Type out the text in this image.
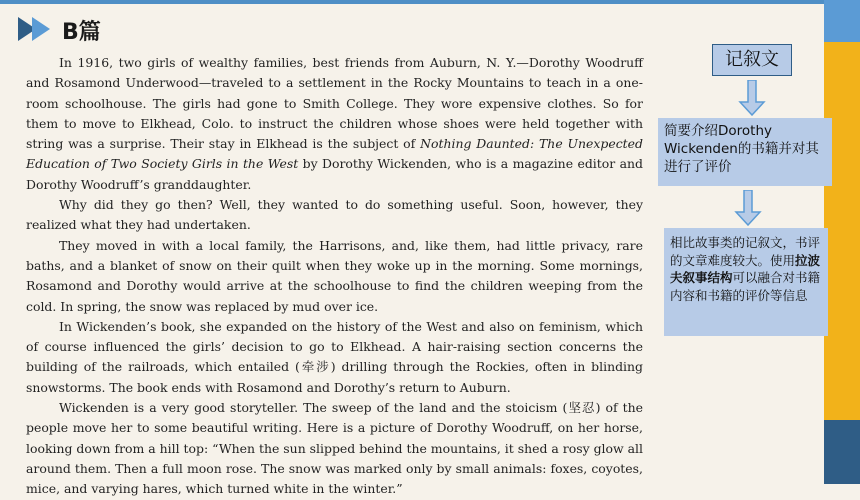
B篇

In 1916, two girls of wealthy families, best friends from Auburn, N. Y.—Dorothy Woodruff and Rosamond Underwood—traveled to a settlement in the Rocky Mountains to teach in a one-room schoolhouse. The girls had gone to Smith College. They wore expensive clothes. So for them to move to Elkhead, Colo. to instruct the children whose shoes were held together with string was a surprise. Their stay in Elkhead is the subject of Nothing Daunted: The Unexpected Education of Two Society Girls in the West by Dorothy Wickenden, who is a magazine editor and Dorothy Woodruff’s granddaughter.

Why did they go then? Well, they wanted to do something useful. Soon, however, they realized what they had undertaken.

They moved in with a local family, the Harrisons, and, like them, had little privacy, rare baths, and a blanket of snow on their quilt when they woke up in the morning. Some mornings, Rosamond and Dorothy would arrive at the schoolhouse to find the children weeping from the cold. In spring, the snow was replaced by mud over ice.

In Wickenden’s book, she expanded on the history of the West and also on feminism, which of course influenced the girls’ decision to go to Elkhead. A hair-raising section concerns the building of the railroads, which entailed (牵涉) drilling through the Rockies, often in blinding snowstorms. The book ends with Rosamond and Dorothy’s return to Auburn.

Wickenden is a very good storyteller. The sweep of the land and the stoicism (坚忍) of the people move her to some beautiful writing. Here is a picture of Dorothy Woodruff, on her horse, looking down from a hill top: “When the sun slipped behind the mountains, it shed a rosy glow all around them. Then a full moon rose. The snow was marked only by small animals: foxes, coyotes, mice, and varying hares, which turned white in the winter.”

记叙文
简要介绍Dorothy Wickenden的书籍并对其进行了评价
相比故事类的记叙文，书评的文章难度较大。使用拉波夫叙事结构可以融合对书籍内容和书籍的评价等信息
